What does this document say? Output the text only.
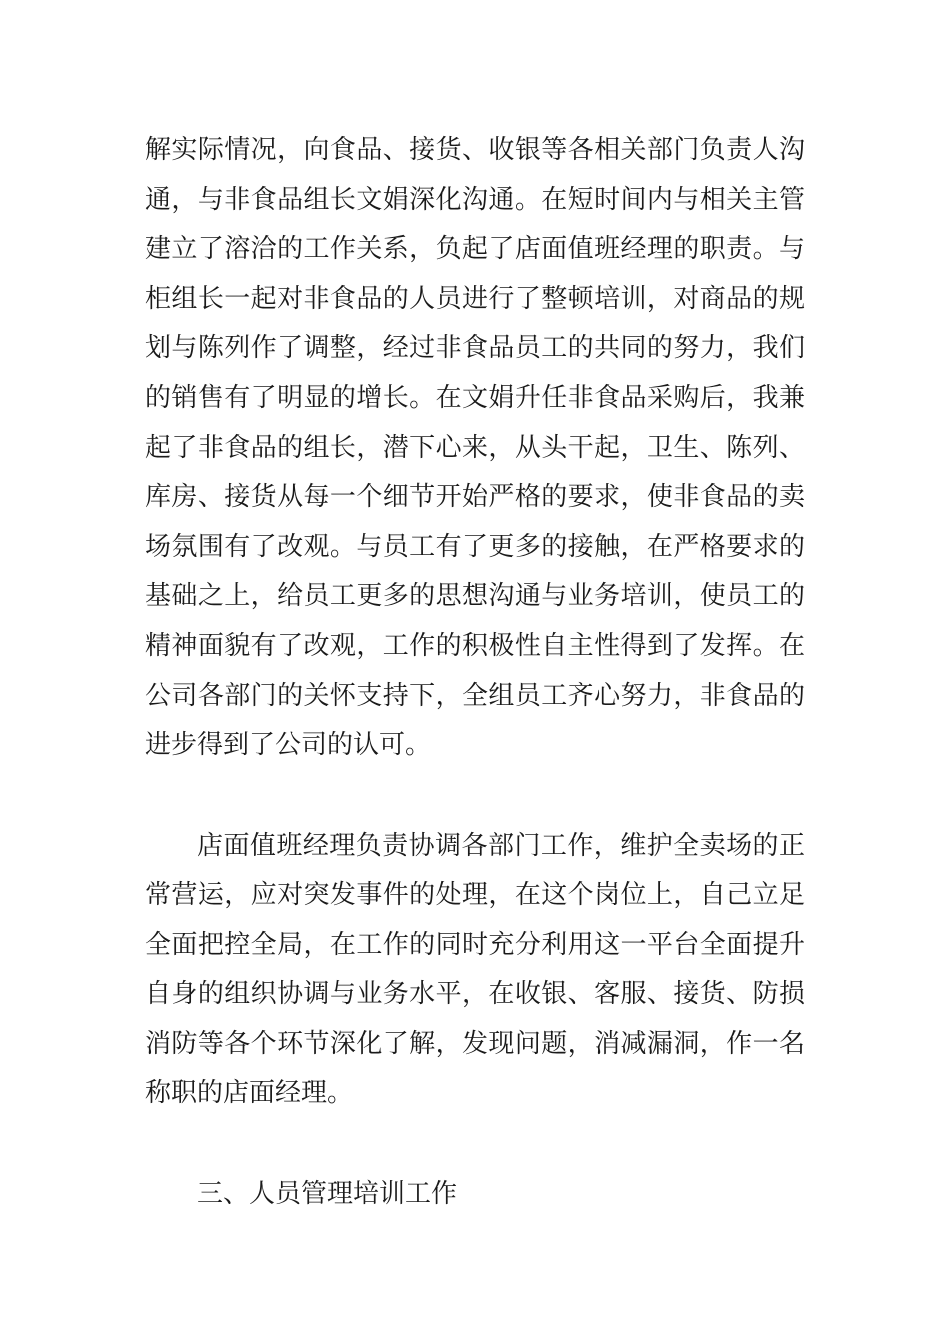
解实际情况，向食品、接货、收银等各相关部门负责人沟
通，与非食品组长文娟深化沟通。在短时间内与相关主管
建立了溶洽的工作关系，负起了店面值班经理的职责。与
柜组长一起对非食品的人员进行了整顿培训，对商品的规
划与陈列作了调整，经过非食品员工的共同的努力，我们
的销售有了明显的增长。在文娟升任非食品采购后，我兼
起了非食品的组长，潜下心来，从头干起，卫生、陈列、
库房、接货从每一个细节开始严格的要求，使非食品的卖
场氛围有了改观。与员工有了更多的接触，在严格要求的
基础之上，给员工更多的思想沟通与业务培训，使员工的
精神面貌有了改观，工作的积极性自主性得到了发挥。在
公司各部门的关怀支持下，全组员工齐心努力，非食品的
进步得到了公司的认可。
店面值班经理负责协调各部门工作，维护全卖场的正
常营运，应对突发事件的处理，在这个岗位上，自己立足
全面把控全局，在工作的同时充分利用这一平台全面提升
自身的组织协调与业务水平，在收银、客服、接货、防损
消防等各个环节深化了解，发现问题，消减漏洞，作一名
称职的店面经理。
三、人员管理培训工作
